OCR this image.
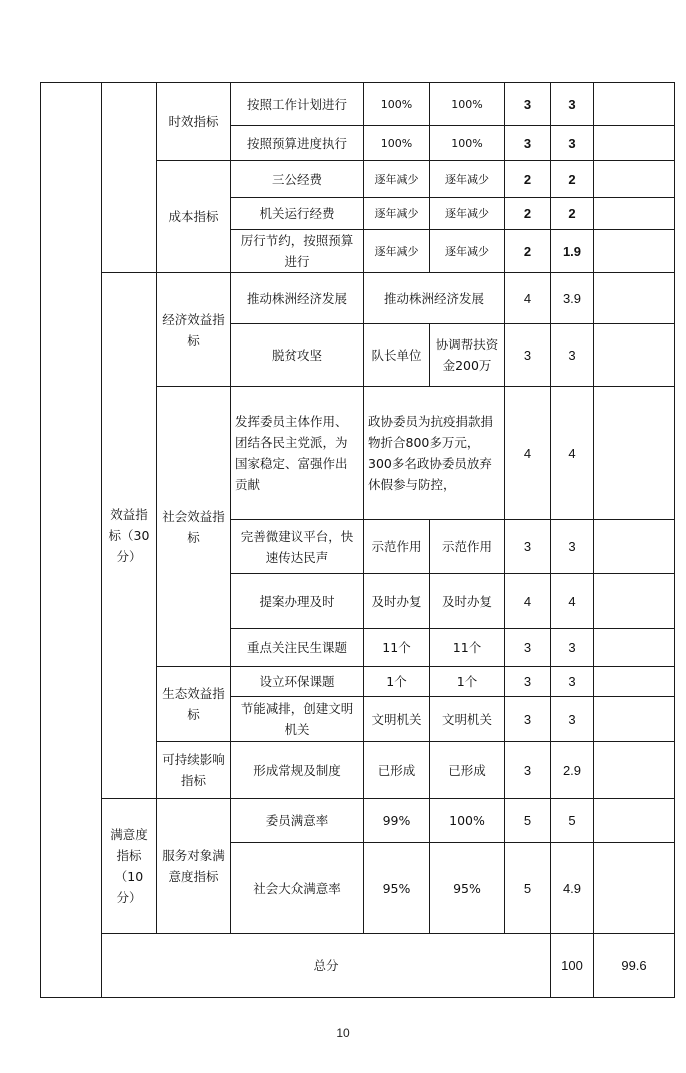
		时效指标	按照工作计划进行	100%	100%	3	3		
			按照预算进度执行	100%	100%	3	3		
		成本指标	三公经费	逐年减少	逐年减少	2	2		
			机关运行经费	逐年减少	逐年减少	2	2		
			厉行节约，按照预算进行	逐年减少	逐年减少	2	1.9		
	效益指标（30分）	经济效益指标	推动株洲经济发展	推动株洲经济发展		4	3.9		
			脱贫攻坚	队长单位	协调帮扶资金200万	3	3		
		社会效益指标	发挥委员主体作用、团结各民主党派，为国家稳定、富强作出贡献	政协委员为抗疫捐款捐物折合800多万元，300多名政协委员放弃休假参与防控，		4	4		
			完善微建议平台，快速传达民声	示范作用	示范作用	3	3		
			提案办理及时	及时办复	及时办复	4	4		
			重点关注民生课题	11个	11个	3	3		
		生态效益指标	设立环保课题	1个	1个	3	3		
			节能减排，创建文明机关	文明机关	文明机关	3	3		
		可持续影响指标	形成常规及制度	已形成	已形成	3	2.9		
	满意度指标（10分）	服务对象满意度指标	委员满意率	99%	100%	5	5		
			社会大众满意率	95%	95%	5	4.9		
	总分						100	99.6	
10
